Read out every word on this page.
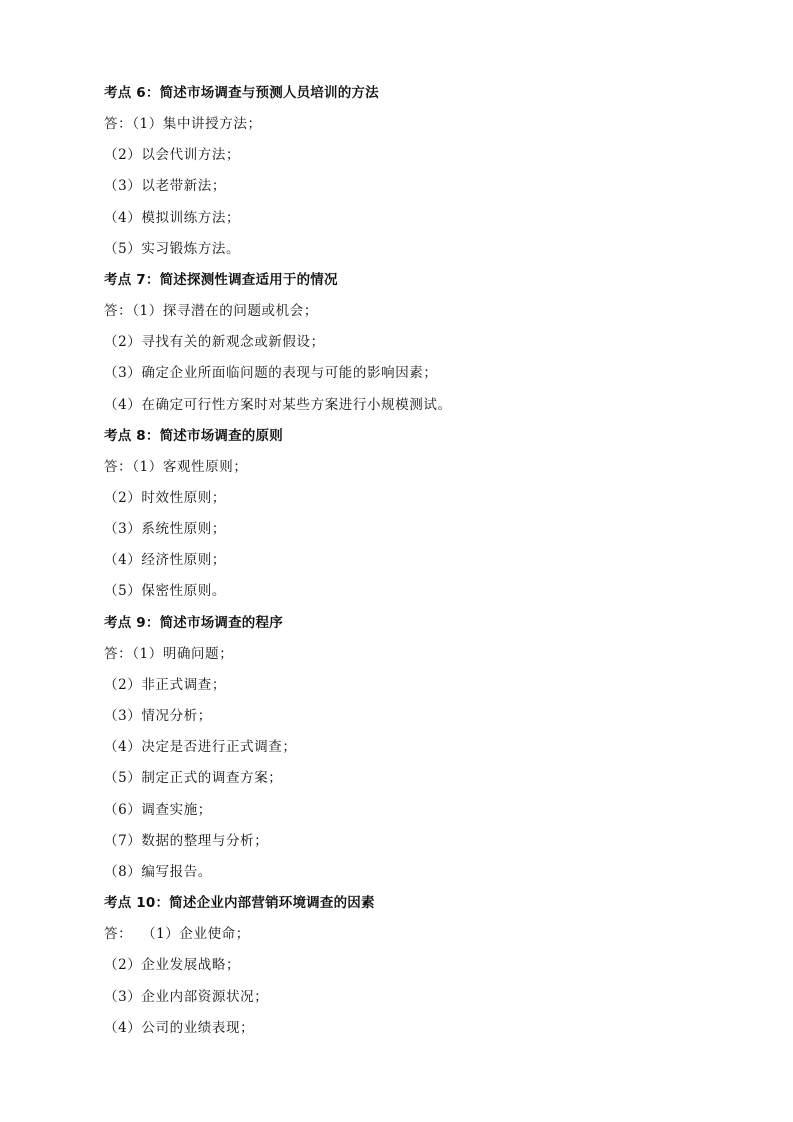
考点 6：简述市场调查与预测人员培训的方法
答：（1）集中讲授方法；
（2）以会代训方法；
（3）以老带新法；
（4）模拟训练方法；
（5）实习锻炼方法。
考点 7：简述探测性调查适用于的情况
答：（1）探寻潜在的问题或机会；
（2）寻找有关的新观念或新假设；
（3）确定企业所面临问题的表现与可能的影响因素；
（4）在确定可行性方案时对某些方案进行小规模测试。
考点 8：简述市场调查的原则
答：（1）客观性原则；
（2）时效性原则；
（3）系统性原则；
（4）经济性原则；
（5）保密性原则。
考点 9：简述市场调查的程序
答：（1）明确问题；
（2）非正式调查；
（3）情况分析；
（4）决定是否进行正式调查；
（5）制定正式的调查方案；
（6）调查实施；
（7）数据的整理与分析；
（8）编写报告。
考点 10：简述企业内部营销环境调查的因素
答：  （1）企业使命；
（2）企业发展战略；
（3）企业内部资源状况；
（4）公司的业绩表现；
